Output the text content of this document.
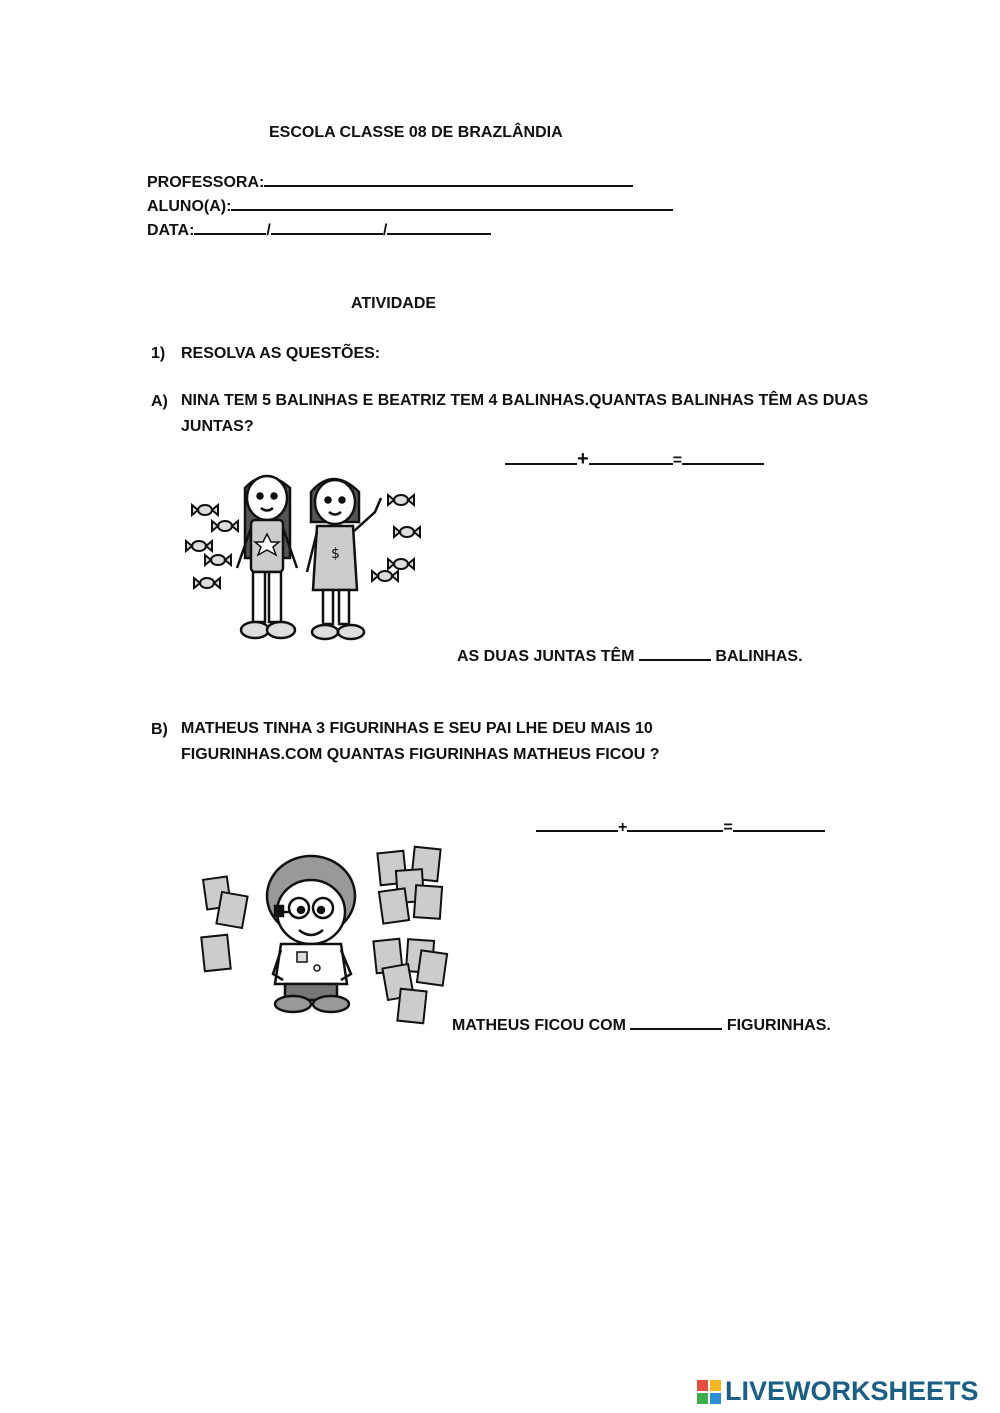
ESCOLA CLASSE 08 DE BRAZLÂNDIA
PROFESSORA:
ALUNO(A):
DATA:	/	/
ATIVIDADE
1) RESOLVA AS QUESTÕES:
A) NINA TEM 5 BALINHAS E BEATRIZ TEM 4 BALINHAS.QUANTAS BALINHAS TÊM AS DUAS JUNTAS?
+	=
$
AS DUAS JUNTAS TÊM	BALINHAS.
B) MATHEUS TINHA 3 FIGURINHAS E SEU PAI LHE DEU MAIS 10 FIGURINHAS.COM QUANTAS FIGURINHAS MATHEUS FICOU ?
+	=
MATHEUS FICOU COM	FIGURINHAS.
LIVEWORKSHEETS
